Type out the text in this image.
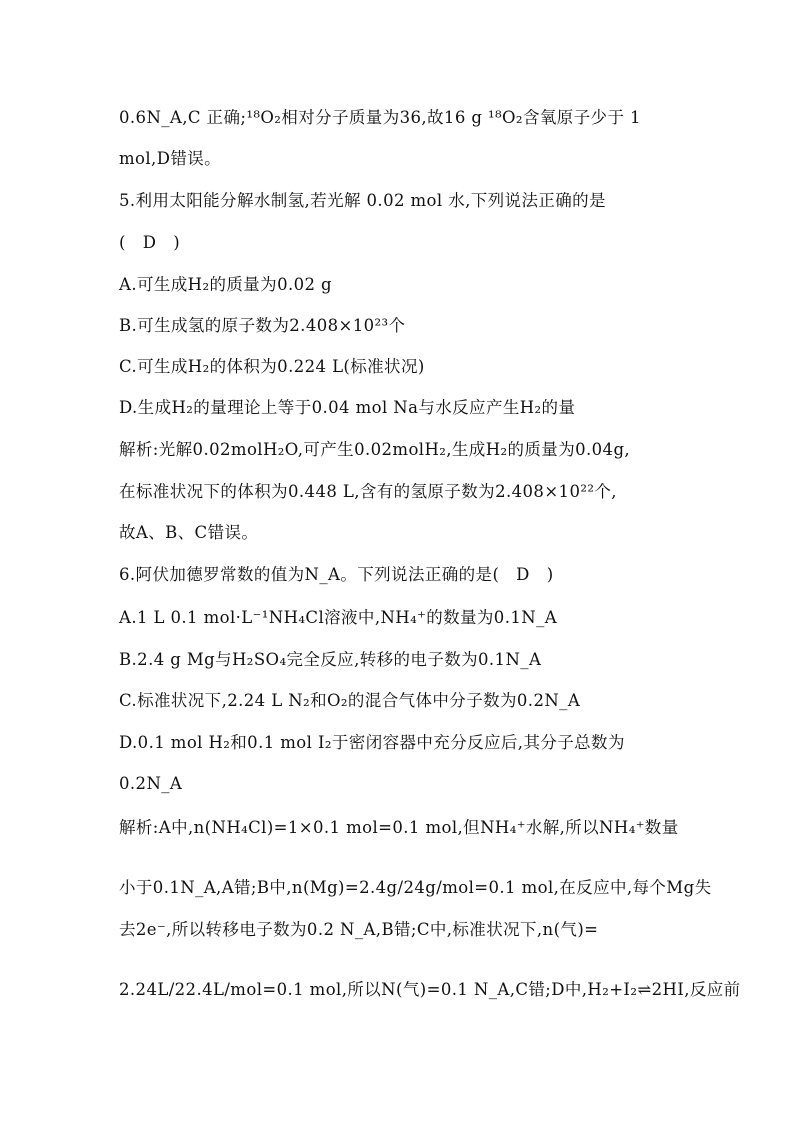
0.6N_A,C 正确;¹⁸O₂相对分子质量为36,故16 g ¹⁸O₂含氧原子少于 1
mol,D错误。
5.利用太阳能分解水制氢,若光解 0.02 mol 水,下列说法正确的是
(　D　)
A.可生成H₂的质量为0.02 g
B.可生成氢的原子数为2.408×10²³个
C.可生成H₂的体积为0.224 L(标准状况)
D.生成H₂的量理论上等于0.04 mol Na与水反应产生H₂的量
解析:光解0.02molH₂O,可产生0.02molH₂,生成H₂的质量为0.04g,
在标准状况下的体积为0.448 L,含有的氢原子数为2.408×10²²个,
故A、B、C错误。
6.阿伏加德罗常数的值为N_A。下列说法正确的是(　D　)
A.1 L 0.1 mol·L⁻¹NH₄Cl溶液中,NH₄⁺的数量为0.1N_A
B.2.4 g Mg与H₂SO₄完全反应,转移的电子数为0.1N_A
C.标准状况下,2.24 L N₂和O₂的混合气体中分子数为0.2N_A
D.0.1 mol H₂和0.1 mol I₂于密闭容器中充分反应后,其分子总数为
0.2N_A
解析:A中,n(NH₄Cl)=1×0.1 mol=0.1 mol,但NH₄⁺水解,所以NH₄⁺数量
小于0.1N_A,A错;B中,n(Mg)=2.4g/24g/mol=0.1 mol,在反应中,每个Mg失
去2e⁻,所以转移电子数为0.2 N_A,B错;C中,标准状况下,n(气)=
2.24L/22.4L/mol=0.1 mol,所以N(气)=0.1 N_A,C错;D中,H₂+I₂⇌2HI,反应前
